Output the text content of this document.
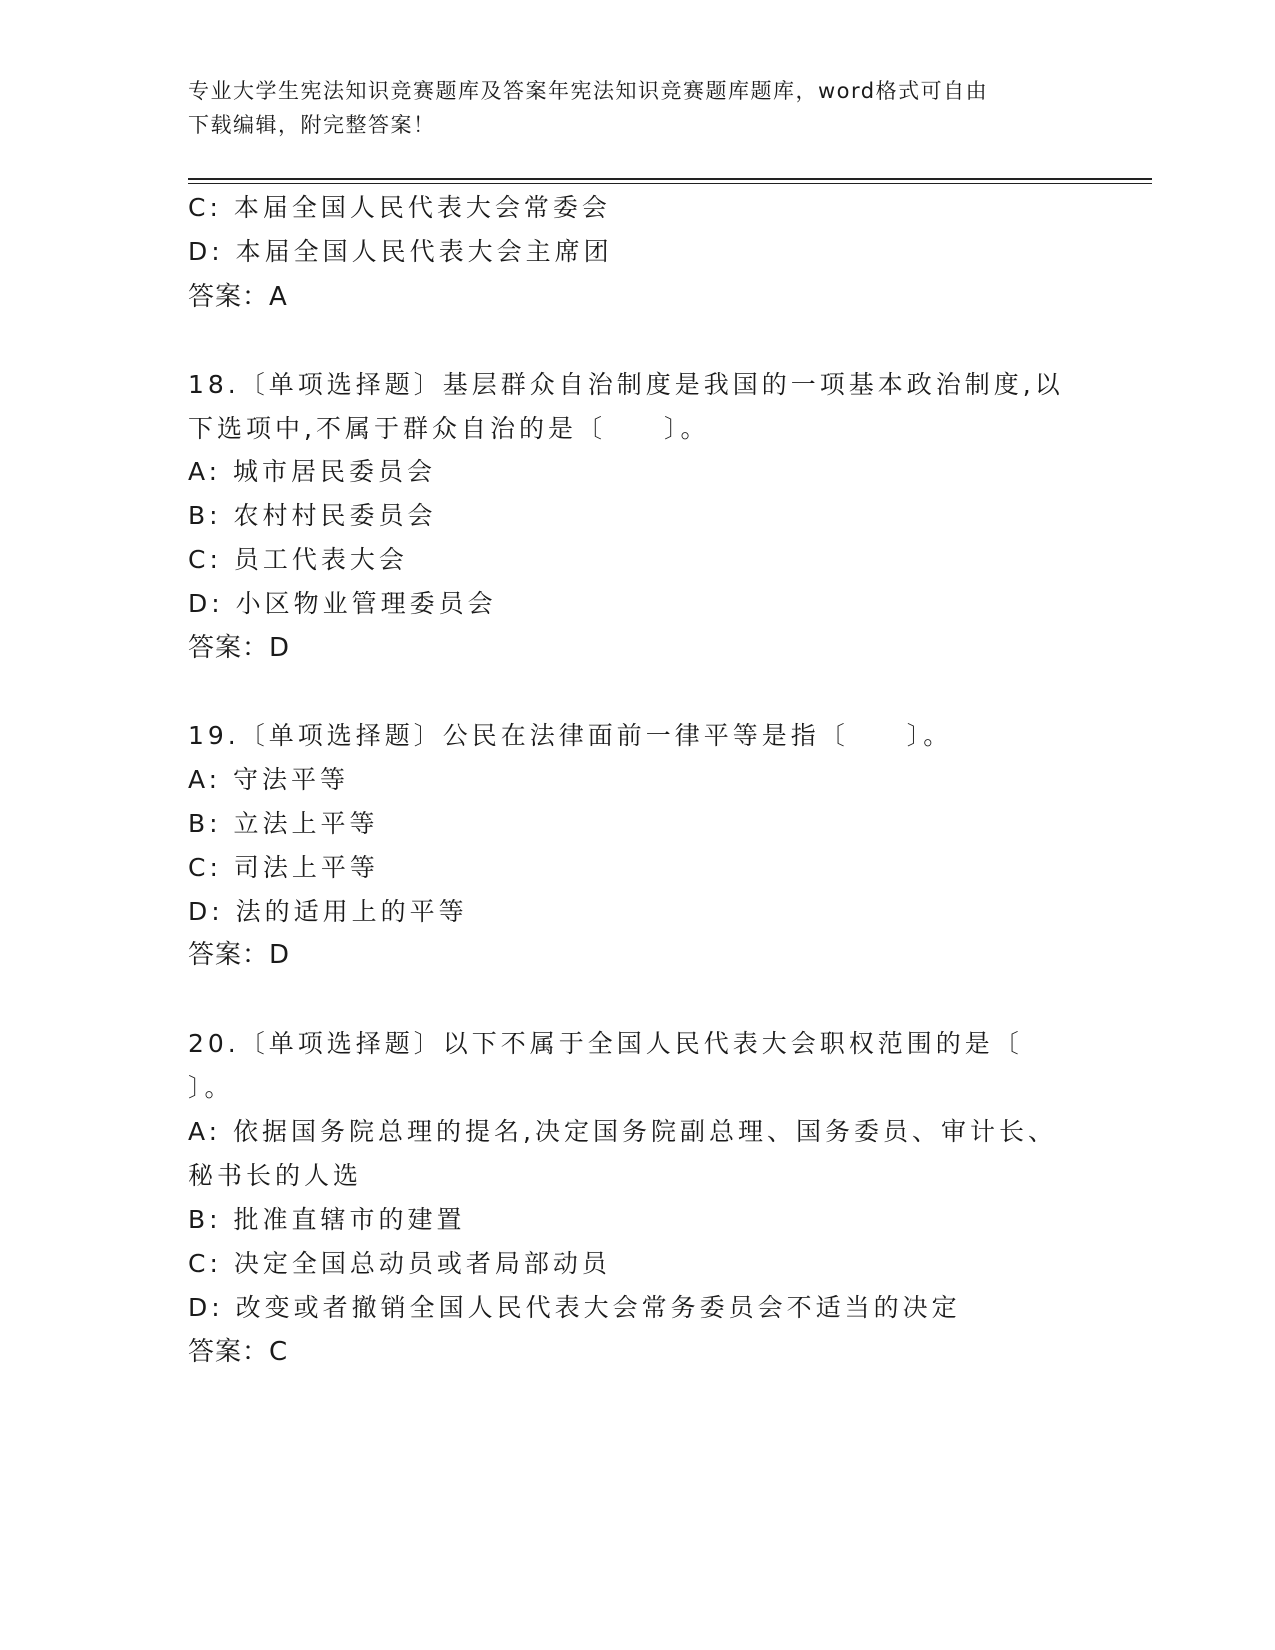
专业大学生宪法知识竞赛题库及答案年宪法知识竞赛题库题库，word格式可自由
下载编辑，附完整答案！
C: 本届全国人民代表大会常委会
D: 本届全国人民代表大会主席团
答案：A
18.〔单项选择题〕基层群众自治制度是我国的一项基本政治制度,以
下选项中,不属于群众自治的是〔　　〕。
A: 城市居民委员会
B: 农村村民委员会
C: 员工代表大会
D: 小区物业管理委员会
答案：D
19.〔单项选择题〕公民在法律面前一律平等是指〔　　〕。
A: 守法平等
B: 立法上平等
C: 司法上平等
D: 法的适用上的平等
答案：D
20.〔单项选择题〕以下不属于全国人民代表大会职权范围的是〔
〕。
A: 依据国务院总理的提名,决定国务院副总理、国务委员、审计长、
秘书长的人选
B: 批准直辖市的建置
C: 决定全国总动员或者局部动员
D: 改变或者撤销全国人民代表大会常务委员会不适当的决定
答案：C
